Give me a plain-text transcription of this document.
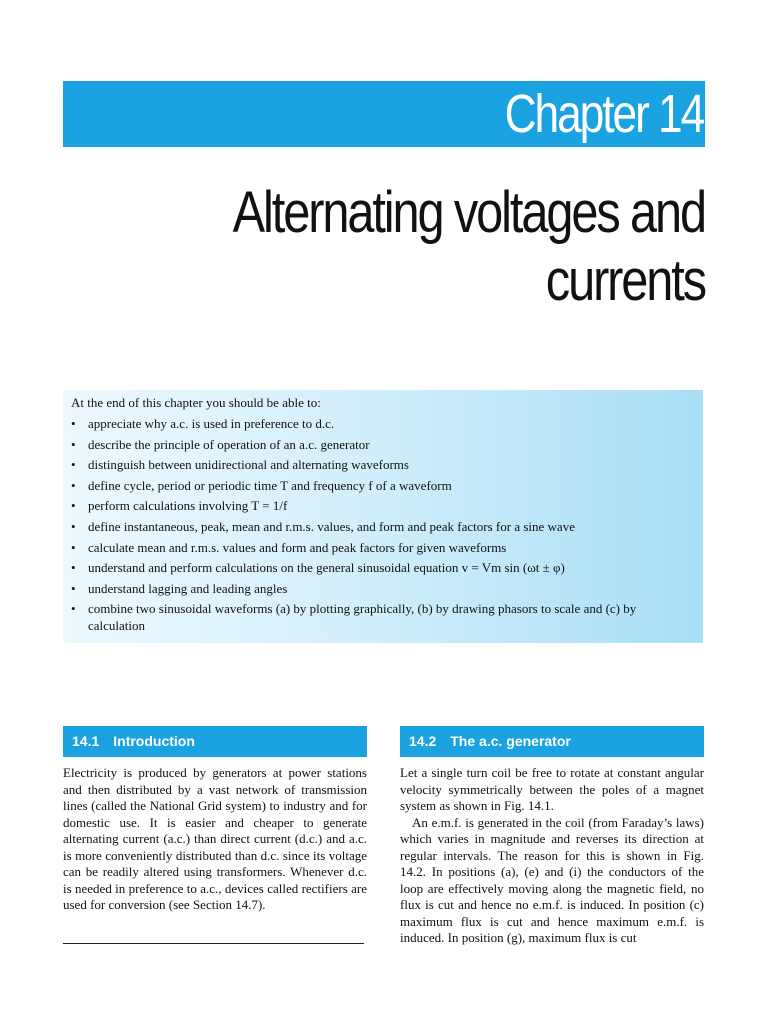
Chapter 14
Alternating voltages and
currents

At the end of this chapter you should be able to:

• appreciate why a.c. is used in preference to d.c.
• describe the principle of operation of an a.c. generator
• distinguish between unidirectional and alternating waveforms
• define cycle, period or periodic time T and frequency f of a waveform
• perform calculations involving T = 1/f
• define instantaneous, peak, mean and r.m.s. values, and form and peak factors for a sine wave
• calculate mean and r.m.s. values and form and peak factors for given waveforms
• understand and perform calculations on the general sinusoidal equation v = Vm sin (ωt ± φ)
• understand lagging and leading angles
• combine two sinusoidal waveforms (a) by plotting graphically, (b) by drawing phasors to scale and (c) by calculation
14.1 Introduction	14.2 The a.c. generator

Electricity is produced by generators at power stations and then distributed by a vast network of transmission lines (called the National Grid system) to industry and for domestic use. It is easier and cheaper to generate alternating current (a.c.) than direct current (d.c.) and a.c. is more conveniently distributed than d.c. since its voltage can be readily altered using transformers. Whenever d.c. is needed in preference to a.c., devices called rectifiers are used for conversion (see Section 14.7).

Let a single turn coil be free to rotate at constant angular velocity symmetrically between the poles of a magnet system as shown in Fig. 14.1.

An e.m.f. is generated in the coil (from Faraday’s laws) which varies in magnitude and reverses its direction at regular intervals. The reason for this is shown in Fig. 14.2. In positions (a), (e) and (i) the conductors of the loop are effectively moving along the magnetic field, no flux is cut and hence no e.m.f. is induced. In position (c) maximum flux is cut and hence maximum e.m.f. is induced. In position (g), maximum flux is cut
